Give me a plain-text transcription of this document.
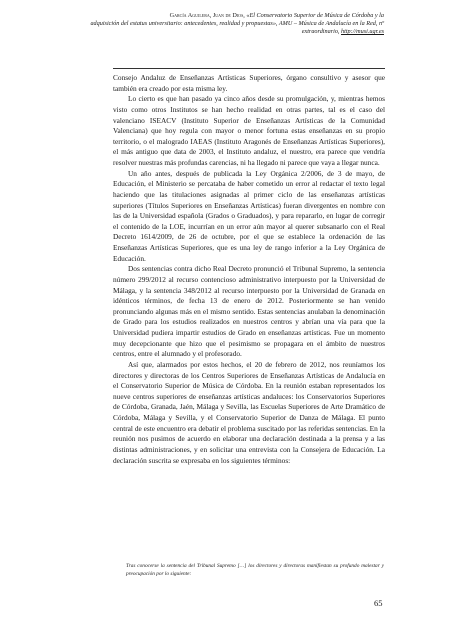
García Aguilera, Juan de Dios, «El Conservatorio Superior de Música de Córdoba y la
adquisición del estatus universitario: antecedentes, realidad y propuestas», AMU – Música de Andalucía en la Red, nº extraordinario, http://musi.ugr.es

Consejo Andaluz de Enseñanzas Artísticas Superiores, órgano consultivo y asesor que también era creado por esta misma ley.

Lo cierto es que han pasado ya cinco años desde su promulgación, y, mientras hemos visto como otros Institutos se han hecho realidad en otras partes, tal es el caso del valenciano ISEACV (Instituto Superior de Enseñanzas Artísticas de la Comunidad Valenciana) que hoy regula con mayor o menor fortuna estas enseñanzas en su propio territorio, o el malogrado IAEAS (Instituto Aragonés de Enseñanzas Artísticas Superiores), el más antiguo que data de 2003, el Instituto andaluz, el nuestro, era parece que vendría resolver nuestras más profundas carencias, ni ha llegado ni parece que vaya a llegar nunca.

Un año antes, después de publicada la Ley Orgánica 2/2006, de 3 de mayo, de Educación, el Ministerio se percataba de haber cometido un error al redactar el texto legal haciendo que las titulaciones asignadas al primer ciclo de las enseñanzas artísticas superiores (Títulos Superiores en Enseñanzas Artísticas) fueran divergentes en nombre con las de la Universidad española (Grados o Graduados), y para repararlo, en lugar de corregir el contenido de la LOE, incurrían en un error aún mayor al querer subsanarlo con el Real Decreto 1614/2009, de 26 de octubre, por el que se establece la ordenación de las Enseñanzas Artísticas Superiores, que es una ley de rango inferior a la Ley Orgánica de Educación.

Dos sentencias contra dicho Real Decreto pronunció el Tribunal Supremo, la sentencia número 299/2012 al recurso contencioso administrativo interpuesto por la Universidad de Málaga, y la sentencia 348/2012 al recurso interpuesto por la Universidad de Granada en idénticos términos, de fecha 13 de enero de 2012. Posteriormente se han venido pronunciando algunas más en el mismo sentido. Estas sentencias anulaban la denominación de Grado para los estudios realizados en nuestros centros y abrían una vía para que la Universidad pudiera impartir estudios de Grado en enseñanzas artísticas. Fue un momento muy decepcionante que hizo que el pesimismo se propagara en el ámbito de nuestros centros, entre el alumnado y el profesorado.

Así que, alarmados por estos hechos, el 20 de febrero de 2012, nos reuníamos los directores y directoras de los Centros Superiores de Enseñanzas Artísticas de Andalucía en el Conservatorio Superior de Música de Córdoba. En la reunión estaban representados los nueve centros superiores de enseñanzas artísticas andaluces: los Conservatorios Superiores de Córdoba, Granada, Jaén, Málaga y Sevilla, las Escuelas Superiores de Arte Dramático de Córdoba, Málaga y Sevilla, y el Conservatorio Superior de Danza de Málaga. El punto central de este encuentro era debatir el problema suscitado por las referidas sentencias. En la reunión nos pusimos de acuerdo en elaborar una declaración destinada a la prensa y a las distintas administraciones, y en solicitar una entrevista con la Consejera de Educación. La declaración suscrita se expresaba en los siguientes términos:

Tras conocerse la sentencia del Tribunal Supremo […] los directores y directoras manifiestan su profundo malestar y preocupación por lo siguiente:
65
